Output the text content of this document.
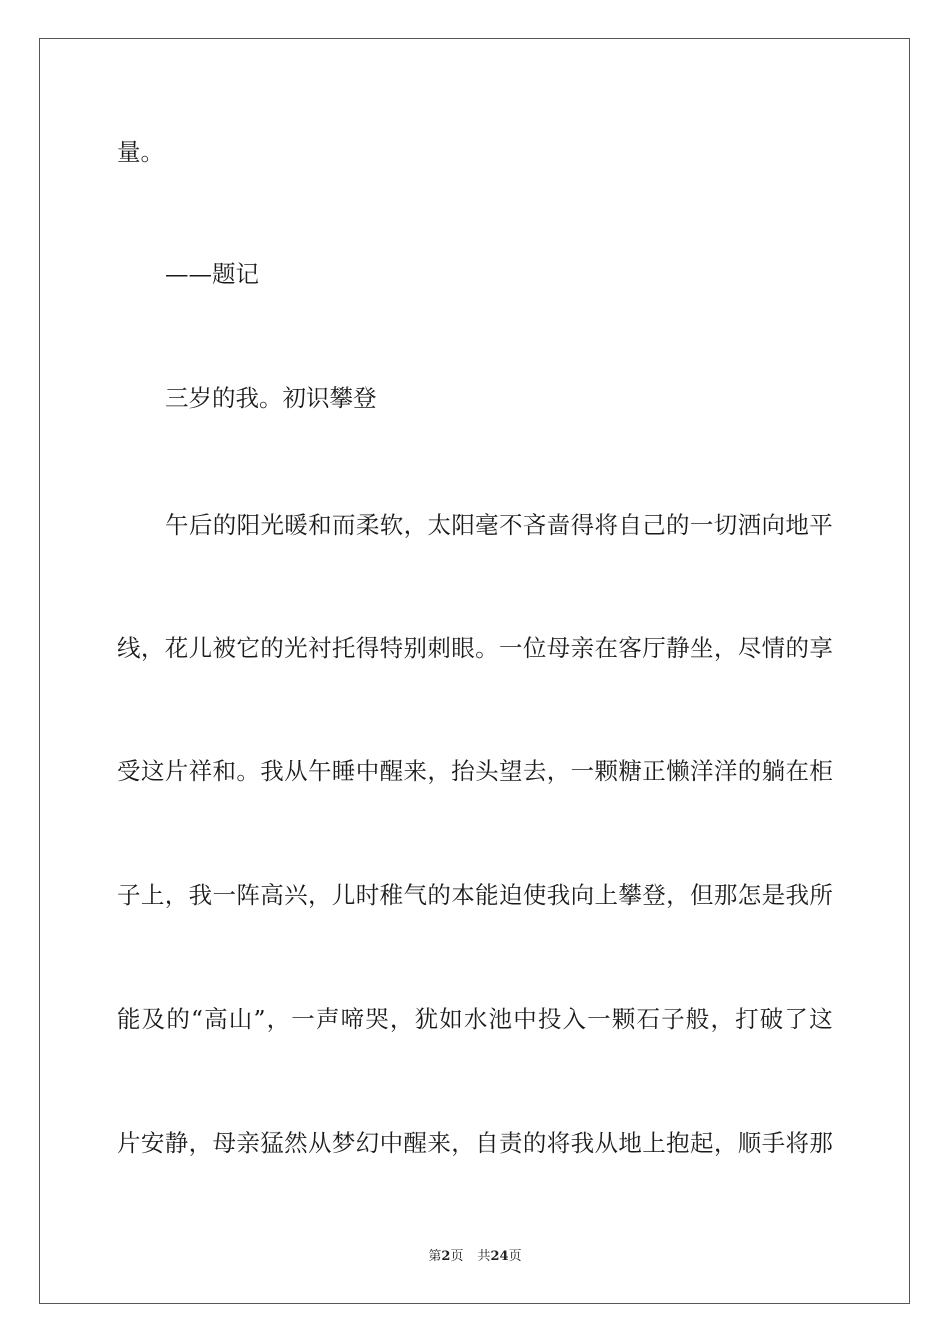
量。
——题记
三岁的我。初识攀登
午 后 的 阳 光 暖 和 而 柔 软 ， 太 阳 毫 不 吝 啬 得 将 自 己 的 一 切 洒 向 地 平
线 ， 花 儿 被 它 的 光 衬 托 得 特 别 刺 眼 。 一 位 母 亲 在 客 厅 静 坐 ， 尽 情 的 享
受 这 片 祥 和 。 我 从 午 睡 中 醒 来 ， 抬 头 望 去 ， 一 颗 糖 正 懒 洋 洋 的 躺 在 柜
子 上 ， 我 一 阵 高 兴 ， 儿 时 稚 气 的 本 能 迫 使 我 向 上 攀 登 ， 但 那 怎 是 我 所
能 及 的 “ 高 山 ” ， 一 声 啼 哭 ， 犹 如 水 池 中 投 入 一 颗 石 子 般 ， 打 破 了 这
片 安 静 ， 母 亲 猛 然 从 梦 幻 中 醒 来 ， 自 责 的 将 我 从 地 上 抱 起 ， 顺 手 将 那
第2页 共24页
